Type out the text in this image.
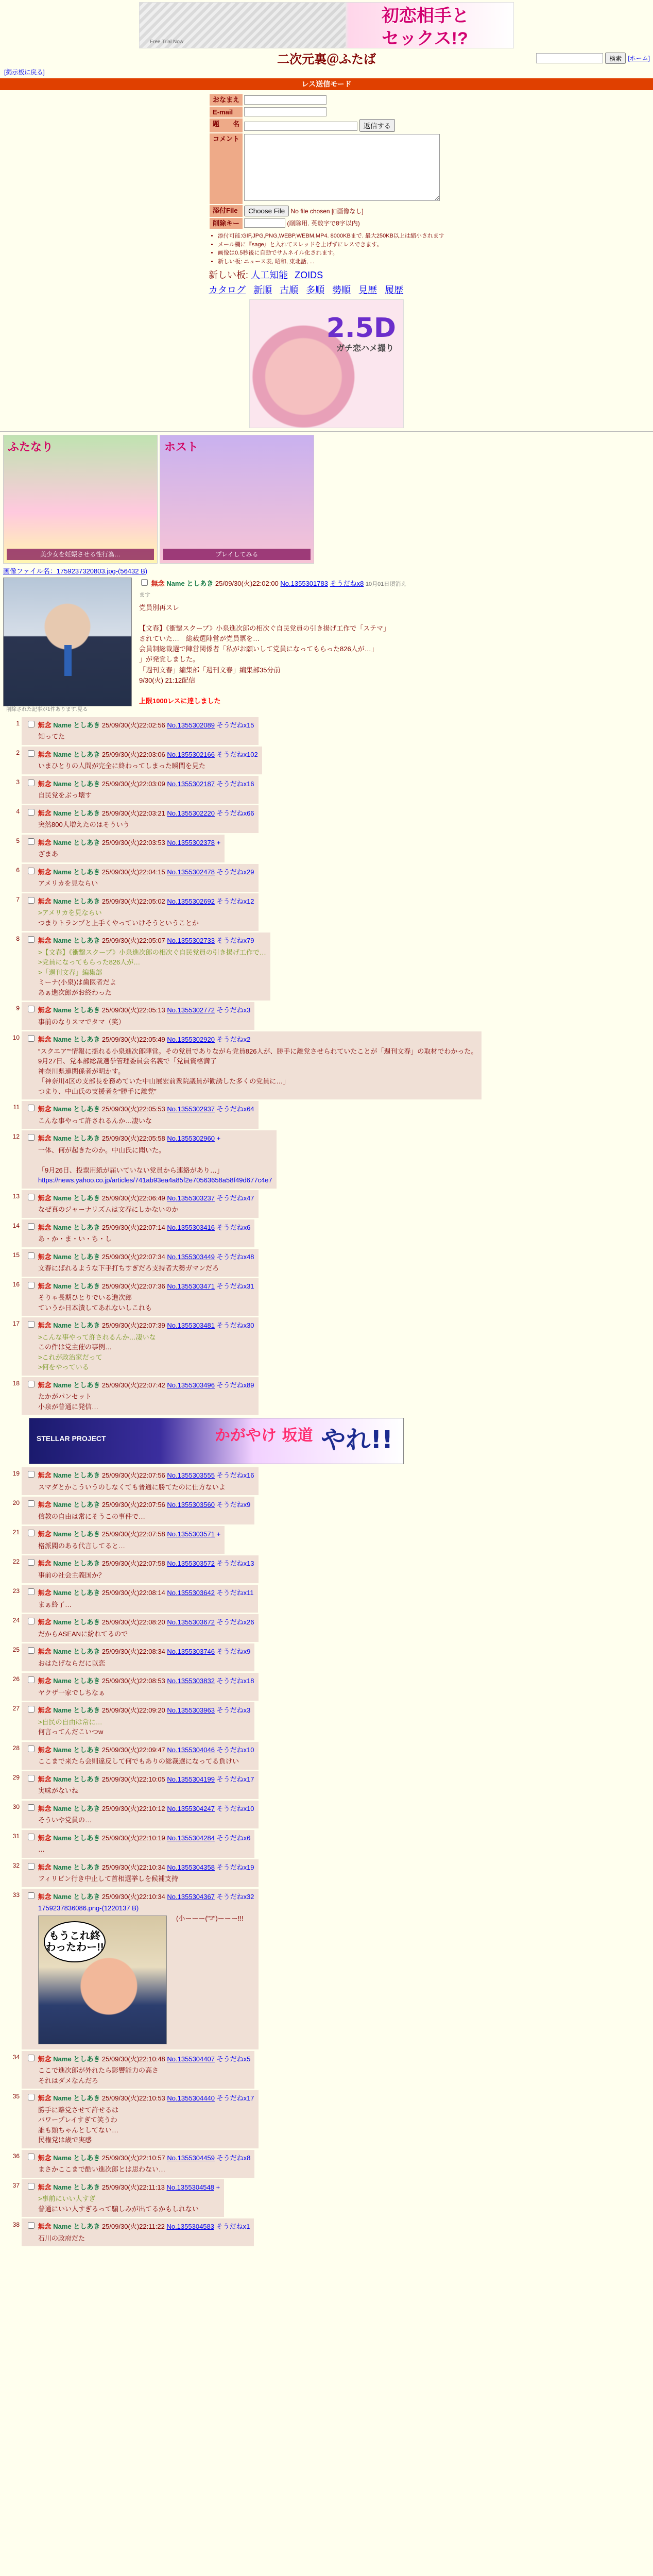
初恋相手と
セックス!?
Free Trial Now
二次元裏＠ふたば	検索	[ホーム]
[掲示板に戻る]
レス送信モード
おなまえ	
E-mail	
題　　名	返信する
コメント	
添付File	Choose File No file chosen [□画像なし]
削除キー	(削除用. 英数字で8字以内)
• 添付可能:GIF,JPG,PNG,WEBP,WEBM,MP4. 8000KBまで. 最大250KB以上は縮小されます
• メール欄に『sage』と入れてスレッドを上げずにレスできます。
• 画像は0.5秒後に自動でサムネイル化されます。
• 新しい板: ニュース表, 昭和, 東北話, ...
新しい板: 人工知能 ZOIDS
カタログ 新順 古順 多順 勢順 見歴 履歴
2.5D
ガチ恋ハメ撮り
ふたなり
美少女を妊娠させる性行為…
ホスト
プレイしてみる
画像ファイル名：1759237320803.jpg-(56432 B)
無念 Name としあき 25/09/30(火)22:02:00 No.1355301783 そうだねx8 10月01日頃消えます
党員別再スレ

【文春】《衝撃スクープ》小泉進次郎の相次ぐ自民党員の引き揚げ工作で「ステマ」
されていた…　総裁選陣営が党員票を…
会員制総裁選で陣営関係者「私がお願いして党員になってもらった826人が…」
」が発覚しました。
「週刊文春」編集部「週刊文春」編集部35分前
9/30(火) 21:12配信

上限1000レスに達しました
削除された記事が1件あります.見る
1	無念 Name としあき 25/09/30(火)22:02:56 No.1355302089 そうだねx15
知ってた
2	無念 Name としあき 25/09/30(火)22:03:06 No.1355302166 そうだねx102
いまひとりの人間が完全に終わってしまった瞬間を見た
3	無念 Name としあき 25/09/30(火)22:03:09 No.1355302187 そうだねx16
自民党をぶっ壊す
4	無念 Name としあき 25/09/30(火)22:03:21 No.1355302220 そうだねx66
突然800人増えたのはそういう
5	無念 Name としあき 25/09/30(火)22:03:53 No.1355302378 +
ざまあ
6	無念 Name としあき 25/09/30(火)22:04:15 No.1355302478 そうだねx29
アメリカを見ならい
7	無念 Name としあき 25/09/30(火)22:05:02 No.1355302692 そうだねx12
>アメリカを見ならい
つまりトランプと上手くやっていけそうということか
8	無念 Name としあき 25/09/30(火)22:05:07 No.1355302733 そうだねx79
>【文春】《衝撃スクープ》小泉進次郎の相次ぐ自民党員の引き揚げ工作で…
>党員になってもらった826人が…
>「週刊文春」編集部
ミーナ(小泉)は歯医者だよ
あぁ進次郎がお終わった
9	無念 Name としあき 25/09/30(火)22:05:13 No.1355302772 そうだねx3
事前のなりスマでタマ（笑）
10	無念 Name としあき 25/09/30(火)22:05:49 No.1355302920 そうだねx2
“スクエア”“情報に揺れる小泉進次郎陣営。その党員でありながら党員826人が、勝手に離党させられていたことが「週刊文春」の取材でわかった。
9月27日、党本部総裁選挙管理委員会名義で「党員資格満了
神奈川県連関係者が明かす。
「神奈川4区の支部長を務めていた中山展宏前衆院議員が勧誘した多くの党員に…」
つまり、中山氏の支援者を“勝手に離党”
11	無念 Name としあき 25/09/30(火)22:05:53 No.1355302937 そうだねx64
こんな事やって許されるんか…凄いな
12	無念 Name としあき 25/09/30(火)22:05:58 No.1355302960 +
一体、何が起きたのか。中山氏に聞いた。

「9月26日、投票用紙が届いていない党員から連絡があり…」
https://news.yahoo.co.jp/articles/741ab93ea4a85f2e70563658a58f49d677c4e7
13	無念 Name としあき 25/09/30(火)22:06:49 No.1355303237 そうだねx47
なぜ真のジャーナリズムは文春にしかないのか
14	無念 Name としあき 25/09/30(火)22:07:14 No.1355303416 そうだねx6
あ・か・ま・い・ち・し
15	無念 Name としあき 25/09/30(火)22:07:34 No.1355303449 そうだねx48
文春にばれるような下手打ちすぎだろ支持者大勢ガマンだろ
16	無念 Name としあき 25/09/30(火)22:07:36 No.1355303471 そうだねx31
そりゃ長期ひとりでいる進次郎
ていうか日本潰してあれないしこれも
17	無念 Name としあき 25/09/30(火)22:07:39 No.1355303481 そうだねx30
>こんな事やって許されるんか…凄いな
この件は党主催の事例…
>これが政治家だって
>何をやっている
18	無念 Name としあき 25/09/30(火)22:07:42 No.1355303496 そうだねx89
たかがパンセット
小泉が普通に発信…
STELLAR PROJECT	かがやけ 坂道 やれ!!
19	無念 Name としあき 25/09/30(火)22:07:56 No.1355303555 そうだねx16
スマダとかこういうのしなくても普通に勝てたのに仕方ないよ
20	無念 Name としあき 25/09/30(火)22:07:56 No.1355303560 そうだねx9
信教の自由は常にそうこの事件で…
21	無念 Name としあき 25/09/30(火)22:07:58 No.1355303571 +
格派閥のある代言してると…
22	無念 Name としあき 25/09/30(火)22:07:58 No.1355303572 そうだねx13
事前の社会主義国か？
23	無念 Name としあき 25/09/30(火)22:08:14 No.1355303642 そうだねx11
まぁ終了…
24	無念 Name としあき 25/09/30(火)22:08:20 No.1355303672 そうだねx26
だからASEANに紛れてるので
25	無念 Name としあき 25/09/30(火)22:08:34 No.1355303746 そうだねx9
おはたげならだに以恋
26	無念 Name としあき 25/09/30(火)22:08:53 No.1355303832 そうだねx18
ヤクザ一家でしちなぁ
27	無念 Name としあき 25/09/30(火)22:09:20 No.1355303963 そうだねx3
>自民の自由は常に…
何言ってんだこいつw
28	無念 Name としあき 25/09/30(火)22:09:47 No.1355304046 そうだねx10
ここまで来たら会則違反して何でもありの総裁選になってる負けい
29	無念 Name としあき 25/09/30(火)22:10:05 No.1355304199 そうだねx17
実味がないね
30	無念 Name としあき 25/09/30(火)22:10:12 No.1355304247 そうだねx10
そういや党員の…
31	無念 Name としあき 25/09/30(火)22:10:19 No.1355304284 そうだねx6
…
32	無念 Name としあき 25/09/30(火)22:10:34 No.1355304358 そうだねx19
フィリピン行き中止して首相選挙しを候補支持
33	無念 Name としあき 25/09/30(火)22:10:34 No.1355304367 そうだねx32
1759237836086.png-(1220137 B)
もうこれ終わったわー!!
(小ーーー("ｺ")ーーー!!!
34	無念 Name としあき 25/09/30(火)22:10:48 No.1355304407 そうだねx5
ここで進次郎が外れたら影響能力の高さ
それはダメなんだろ
35	無念 Name としあき 25/09/30(火)22:10:53 No.1355304440 そうだねx17
勝手に離党させて許せるは
パワープレイすぎて笑うわ
誰も頭ちゃんとしてない…
民権党は歳で実感
36	無念 Name としあき 25/09/30(火)22:10:57 No.1355304459 そうだねx8
まさかここまで酷い進次郎とは思わない…
37	無念 Name としあき 25/09/30(火)22:11:13 No.1355304548 +
>事前にいい人すぎ
普通にいい人すぎるって騙しみが出てるかもしれない
38	無念 Name としあき 25/09/30(火)22:11:22 No.1355304583 そうだねx1
石川の政府だた
